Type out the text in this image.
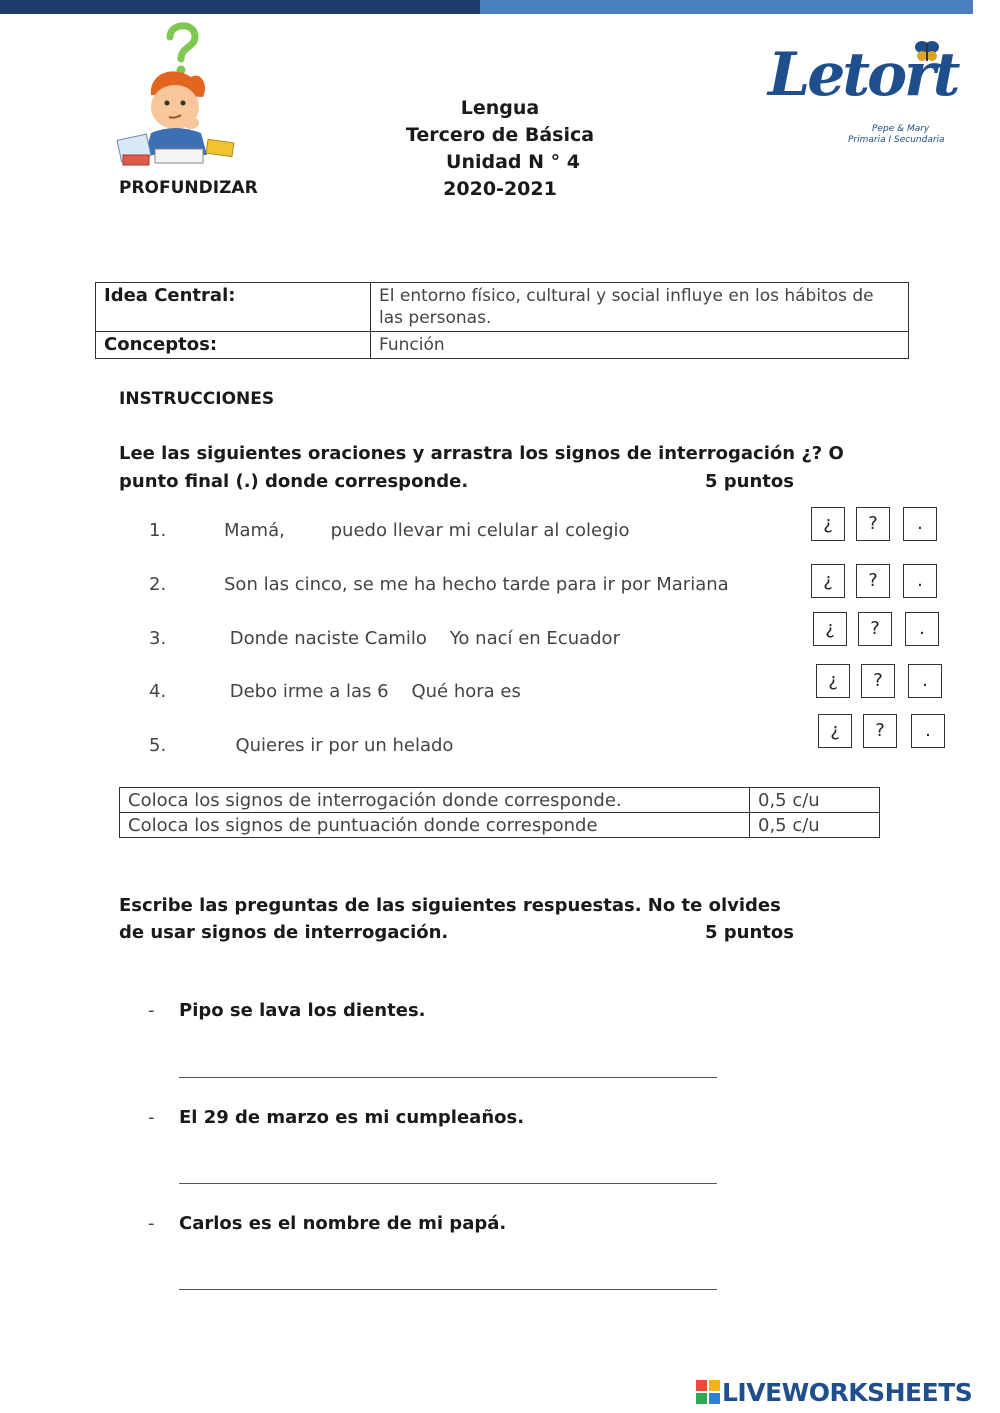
Lengua
Tercero de Básica
Unidad N ° 4
2020-2021
PROFUNDIZAR
Letort
Pepe & Mary
Primaria I Secundaria
Idea Central:	El entorno físico, cultural y social influye en los hábitos de las personas.
Conceptos:	Función
INSTRUCCIONES
Lee las siguientes oraciones y arrastra los signos de interrogación ¿? O punto final (.) donde corresponde.	5 puntos
1.	Mamá,        puedo llevar mi celular al colegio
2.	Son las cinco, se me ha hecho tarde para ir por Mariana
3.	Donde naciste Camilo    Yo nací en Ecuador
4.	Debo irme a las 6    Qué hora es
5.	Quieres ir por un helado
¿	?	.
¿	?	.
¿	?	.
¿	?	.
¿	?	.
Coloca los signos de interrogación donde corresponde.	0,5 c/u
Coloca los signos de puntuación donde corresponde	0,5 c/u
Escribe las preguntas de las siguientes respuestas. No te olvides de usar signos de interrogación.	5 puntos
- Pipo se lava los dientes.
- El 29 de marzo es mi cumpleaños.
- Carlos es el nombre de mi papá.
LIVEWORKSHEETS
